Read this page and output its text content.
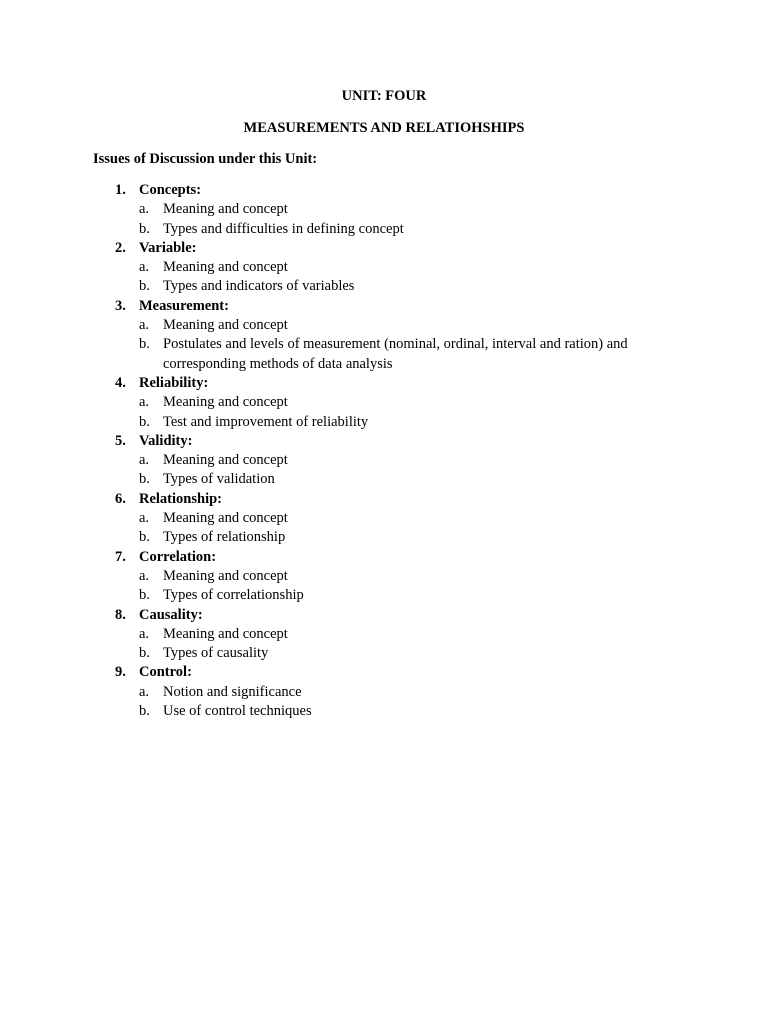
UNIT: FOUR
MEASUREMENTS AND RELATIOHSHIPS
Issues of Discussion under this Unit:
1. Concepts:
a. Meaning and concept
b. Types and difficulties in defining concept
2. Variable:
a. Meaning and concept
b. Types and indicators of variables
3. Measurement:
a. Meaning and concept
b. Postulates and levels of measurement (nominal, ordinal, interval and ration) and corresponding methods of data analysis
4. Reliability:
a. Meaning and concept
b. Test and improvement of reliability
5. Validity:
a. Meaning and concept
b. Types of validation
6. Relationship:
a. Meaning and concept
b. Types of relationship
7. Correlation:
a. Meaning and concept
b. Types of correlationship
8. Causality:
a. Meaning and concept
b. Types of causality
9. Control:
a. Notion and significance
b. Use of control techniques
